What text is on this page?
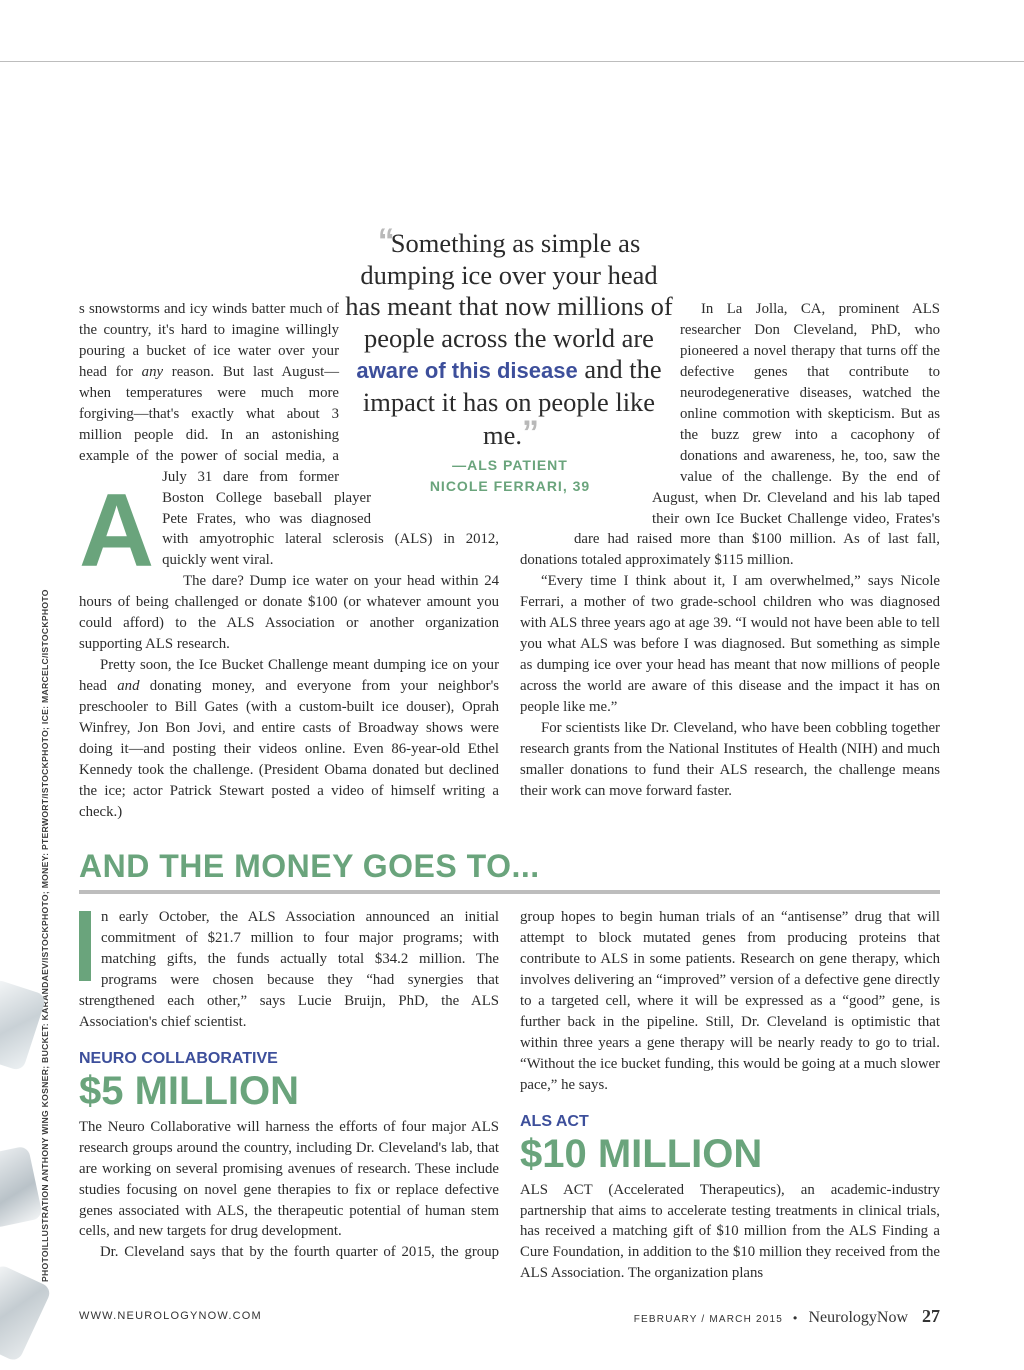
PHOTOILLUSTRATION ANTHONY WING KOSNER; BUCKET: KARANDAEV/ISTOCKPHOTO; MONEY: PTERWORT/ISTOCKPHOTO; ICE: MARCELC/ISTOCKPHOTO

A
s snowstorms and icy winds batter much of the country, it's hard to imagine willingly pouring a bucket of ice water over your head for any reason. But last August—when temperatures were much more forgiving—that's exactly what about 3 million people did. In an astonishing example of the power of social media, a July 31 dare from former Boston College baseball player Pete Frates, who was diagnosed with amyotrophic lateral sclerosis (ALS) in 2012, quickly went viral.

The dare? Dump ice water on your head within 24 hours of being challenged or donate $100 (or whatever amount you could afford) to the ALS Association or another organization supporting ALS research.

Pretty soon, the Ice Bucket Challenge meant dumping ice on your head and donating money, and everyone from your neighbor's preschooler to Bill Gates (with a custom-built ice douser), Oprah Winfrey, Jon Bon Jovi, and entire casts of Broadway shows were doing it—and posting their videos online. Even 86-year-old Ethel Kennedy took the challenge. (President Obama donated but declined the ice; actor Patrick Stewart posted a video of himself writing a check.)

In La Jolla, CA, prominent ALS researcher Don Cleveland, PhD, who pioneered a novel therapy that turns off the defective genes that contribute to neurodegenerative diseases, watched the online commotion with skepticism. But as the buzz grew into a cacophony of donations and awareness, he, too, saw the value of the challenge. By the end of August, when Dr. Cleveland and his lab taped their own Ice Bucket Challenge video, Frates's dare had raised more than $100 million. As of last fall, donations totaled approximately $115 million.

“Every time I think about it, I am overwhelmed,” says Nicole Ferrari, a mother of two grade-school children who was diagnosed with ALS three years ago at age 39. “I would not have been able to tell you what ALS was before I was diagnosed. But something as simple as dumping ice over your head has meant that now millions of people across the world are aware of this disease and the impact it has on people like me.”

For scientists like Dr. Cleveland, who have been cobbling together research grants from the National Institutes of Health (NIH) and much smaller donations to fund their ALS research, the challenge means their work can move forward faster.

“Something as simple as dumping ice over your head has meant that now millions of people across the world are aware of this disease and the impact it has on people like me.”
—ALS PATIENT
NICOLE FERRARI, 39
AND THE MONEY GOES TO...

n early October, the ALS Association announced an initial commitment of $21.7 million to four major programs; with matching gifts, the funds actually total $34.2 million. The programs were chosen because they “had synergies that strengthened each other,” says Lucie Bruijn, PhD, the ALS Association's chief scientist.

NEURO COLLABORATIVE
$5 MILLION

The Neuro Collaborative will harness the efforts of four major ALS research groups around the country, including Dr. Cleveland's lab, that are working on several promising avenues of research. These include studies focusing on novel gene therapies to fix or replace defective genes associated with ALS, the therapeutic potential of human stem cells, and new targets for drug development.

Dr. Cleveland says that by the fourth quarter of 2015, the group

group hopes to begin human trials of an “antisense” drug that will attempt to block mutated genes from producing proteins that contribute to ALS in some patients. Research on gene therapy, which involves delivering an “improved” version of a defective gene directly to a targeted cell, where it will be expressed as a “good” gene, is further back in the pipeline. Still, Dr. Cleveland is optimistic that within three years a gene therapy will be nearly ready to go to trial. “Without the ice bucket funding, this would be going at a much slower pace,” he says.

ALS ACT
$10 MILLION

ALS ACT (Accelerated Therapeutics), an academic-industry partnership that aims to accelerate testing treatments in clinical trials, has received a matching gift of $10 million from the ALS Finding a Cure Foundation, in addition to the $10 million they received from the ALS Association. The organization plans

WWW.NEUROLOGYNOW.COM	FEBRUARY / MARCH 2015 • NeurologyNow 27
